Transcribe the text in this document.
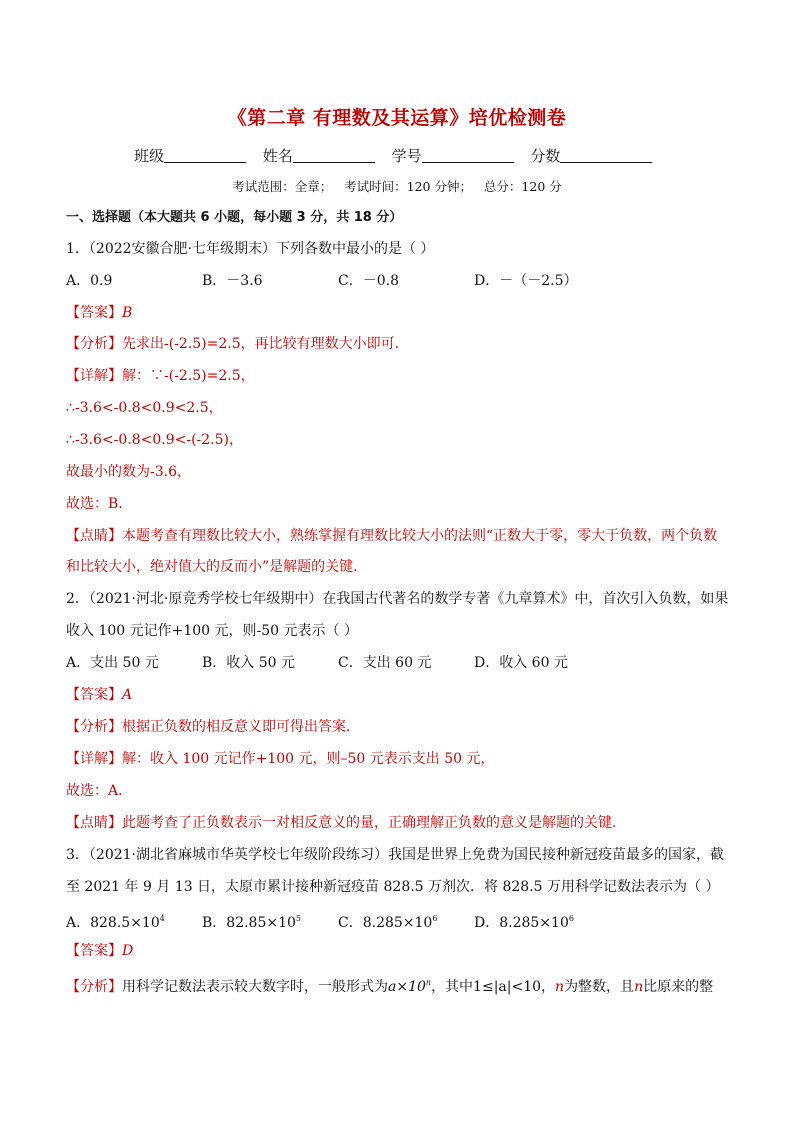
《第二章 有理数及其运算》培优检测卷
班级	姓名	学号	分数
考试范围：全章；   考试时间：120 分钟；   总分：120 分
一、选择题（本大题共 6 小题，每小题 3 分，共 18 分）
1．（2022安徽合肥·七年级期末）下列各数中最小的是（ ）
A．0.9	B．－3.6	C．－0.8	D．－（－2.5）
【答案】B
【分析】先求出-(-2.5)=2.5，再比较有理数大小即可．
【详解】解：∵-(-2.5)=2.5，
∴-3.6<-0.8<0.9<2.5，
∴-3.6<-0.8<0.9<-(-2.5)，
故最小的数为-3.6，
故选：B．
【点睛】本题考查有理数比较大小，熟练掌握有理数比较大小的法则“正数大于零，零大于负数，两个负数
和比较大小，绝对值大的反而小”是解题的关键．
2．（2021·河北·原竞秀学校七年级期中）在我国古代著名的数学专著《九章算术》中，首次引入负数，如果
收入 100 元记作+100 元，则-50 元表示（ ）
A．支出 50 元	B．收入 50 元	C．支出 60 元	D．收入 60 元
【答案】A
【分析】根据正负数的相反意义即可得出答案．
【详解】解：收入 100 元记作+100 元，则–50 元表示支出 50 元，
故选：A．
【点睛】此题考查了正负数表示一对相反意义的量，正确理解正负数的意义是解题的关键．
3．（2021·湖北省麻城市华英学校七年级阶段练习）我国是世界上免费为国民接种新冠疫苗最多的国家，截
至 2021 年 9 月 13 日，太原市累计接种新冠疫苗 828.5 万剂次．将 828.5 万用科学记数法表示为（ ）
A．$828.5\times 10^4$	B．$82.85\times 10^5$	C．$8.285\times 10^6$	D．$8.285\times 10^6$
【答案】D
【分析】用科学记数法表示较大数字时，一般形式为$a\times 10^n$，其中1≤|a|<10，n为整数，且n比原来的整
